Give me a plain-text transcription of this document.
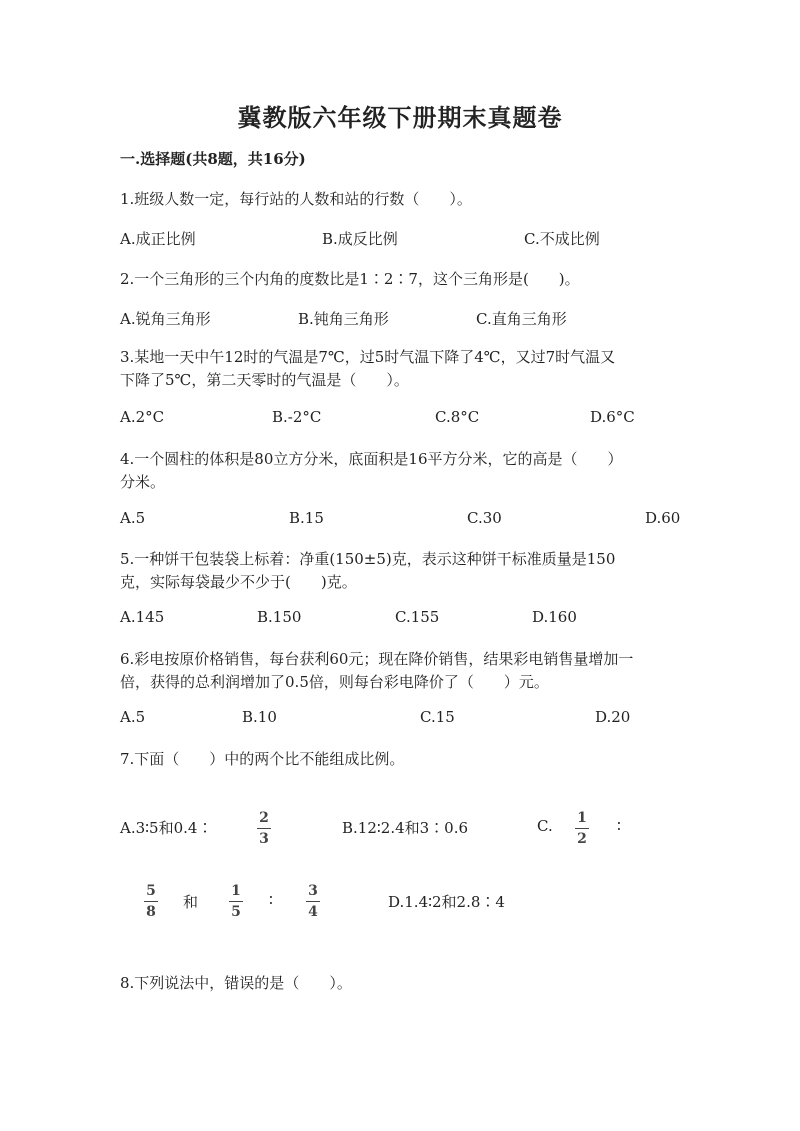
冀教版六年级下册期末真题卷
一.选择题(共8题，共16分)
1.班级人数一定，每行站的人数和站的行数（　　）。
A.成正比例	B.成反比例	C.不成比例
2.一个三角形的三个内角的度数比是1∶2∶7，这个三角形是(　　)。
A.锐角三角形	B.钝角三角形	C.直角三角形
3.某地一天中午12时的气温是7℃，过5时气温下降了4℃，又过7时气温又
下降了5℃，第二天零时的气温是（　　）。
A.2°C	B.-2°C	C.8°C	D.6°C
4.一个圆柱的体积是80立方分米，底面积是16平方分米，它的高是（　　）
分米。
A.5	B.15	C.30	D.60
5.一种饼干包装袋上标着：净重(150±5)克，表示这种饼干标准质量是150
克，实际每袋最少不少于(　　)克。
A.145	B.150	C.155	D.160
6.彩电按原价格销售，每台获利60元；现在降价销售，结果彩电销售量增加一
倍，获得的总利润增加了0.5倍，则每台彩电降价了（　　）元。
A.5	B.10	C.15	D.20
7.下面（　　）中的两个比不能组成比例。
A.3∶5和0.4∶
2
3
B.12∶2.4和3∶0.6	C. 1
2
∶
5
8
和
1
5
∶	3
4
D.1.4∶2和2.8∶4
8.下列说法中，错误的是（　　）。
